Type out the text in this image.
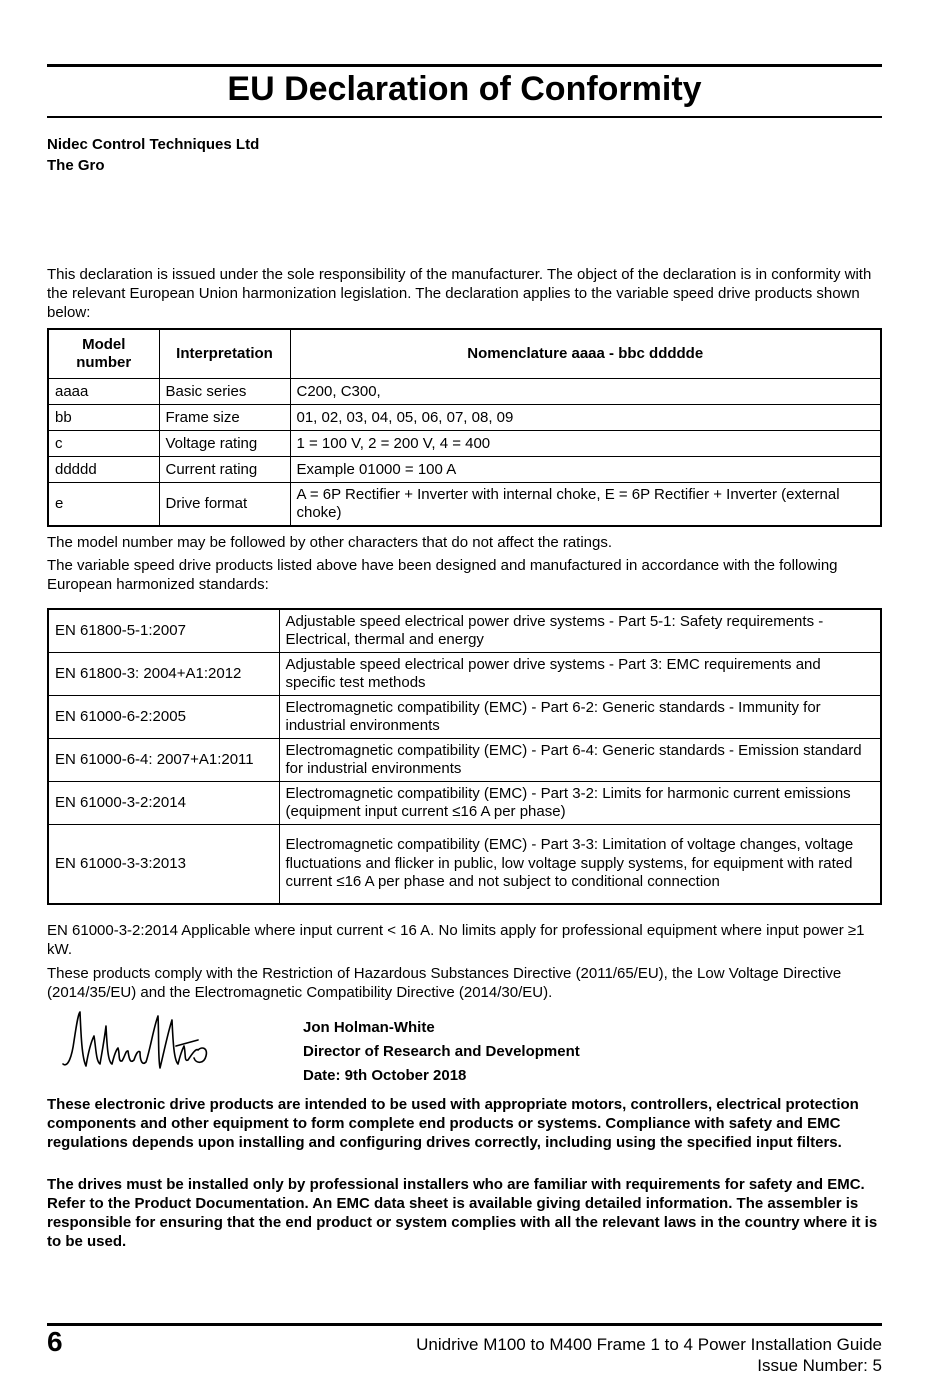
EU Declaration of Conformity
Nidec Control Techniques Ltd
The Gro
This declaration is issued under the sole responsibility of the manufacturer. The object of the declaration is in conformity with the relevant European Union harmonization legislation. The declaration applies to the variable speed drive products shown below:
Model number	Interpretation	Nomenclature aaaa - bbc ddddde
aaaa	Basic series	C200, C300,
bb	Frame size	01, 02, 03, 04, 05, 06, 07, 08, 09
c	Voltage rating	1 = 100 V, 2 = 200 V, 4 = 400
ddddd	Current rating	Example 01000 = 100 A
e	Drive format	A = 6P Rectifier + Inverter with internal choke, E = 6P Rectifier + Inverter (external choke)
The model number may be followed by other characters that do not affect the ratings.
The variable speed drive products listed above have been designed and manufactured in accordance with the following European harmonized standards:
EN 61800-5-1:2007	Adjustable speed electrical power drive systems - Part 5-1: Safety requirements - Electrical, thermal and energy
EN 61800-3: 2004+A1:2012	Adjustable speed electrical power drive systems - Part 3: EMC requirements and specific test methods
EN 61000-6-2:2005	Electromagnetic compatibility (EMC) - Part 6-2: Generic standards - Immunity for industrial environments
EN 61000-6-4: 2007+A1:2011	Electromagnetic compatibility (EMC) - Part 6-4: Generic standards - Emission standard for industrial environments
EN 61000-3-2:2014	Electromagnetic compatibility (EMC) - Part 3-2: Limits for harmonic current emissions (equipment input current ≤16 A per phase)
EN 61000-3-3:2013	Electromagnetic compatibility (EMC) - Part 3-3: Limitation of voltage changes, voltage fluctuations and flicker in public, low voltage supply systems, for equipment with rated current ≤16 A per phase and not subject to conditional connection
EN 61000-3-2:2014 Applicable where input current < 16 A. No limits apply for professional equipment where input power ≥1 kW.
These products comply with the Restriction of Hazardous Substances Directive (2011/65/EU), the Low Voltage Directive (2014/35/EU) and the Electromagnetic Compatibility Directive (2014/30/EU).
Jon Holman-White
Director of Research and Development
Date: 9th October 2018
These electronic drive products are intended to be used with appropriate motors, controllers, electrical protection components and other equipment to form complete end products or systems. Compliance with safety and EMC regulations depends upon installing and configuring drives correctly, including using the specified input filters.
The drives must be installed only by professional installers who are familiar with requirements for safety and EMC. Refer to the Product Documentation. An EMC data sheet is available giving detailed information. The assembler is responsible for ensuring that the end product or system complies with all the relevant laws in the country where it is to be used.
6	Unidrive M100 to M400 Frame 1 to 4 Power Installation Guide
Issue Number: 5
